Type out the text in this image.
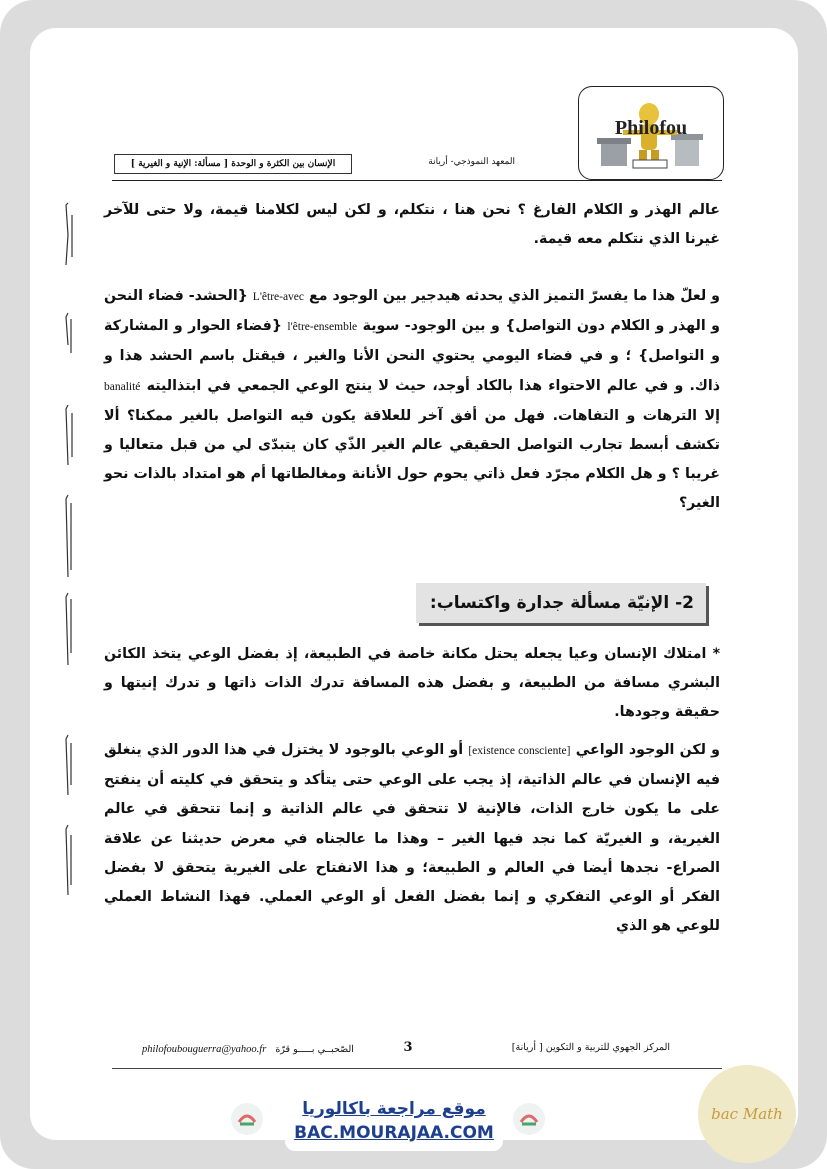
Philofou
الإنسان بين الكثرة و الوحدة [ مسألة: الإنية و الغيرية ]	المعهد النموذجي- أريانة

عالم الهذر و الكلام الفارغ ؟ نحن هنا ، نتكلم، و لكن ليس لكلامنا قيمة، ولا حتى للآخر غيرنا الذي نتكلم معه قيمة.

و لعلّ هذا ما يفسرّ التميز الذي يحدثه هيدجير بين الوجود مع L'être-avec {الحشد- فضاء النحن و الهذر و الكلام دون التواصل} و بين الوجود- سوية l'être-ensemble {فضاء الحوار و المشاركة و التواصل} ؛ و في فضاء اليومي يحتوي النحن الأنا والغير ، فيقتل باسم الحشد هذا و ذاك. و في عالم الاحتواء هذا بالكاد أوجد، حيث لا ينتج الوعي الجمعي في ابتذاليته banalité إلا الترهات و التفاهات. فهل من أفق آخر للعلاقة يكون فيه التواصل بالغير ممكنا؟ ألا تكشف أبسط تجارب التواصل الحقيقي عالم الغير الذّي كان يتبدّى لي من قبل متعاليا و غريبا ؟ و هل الكلام مجرّد فعل ذاتي يحوم حول الأنانة ومغالطاتها أم هو امتداد بالذات نحو الغير؟

2- الإنيّة مسألة جدارة واكتساب:

* امتلاك الإنسان وعيا يجعله يحتل مكانة خاصة في الطبيعة، إذ بفضل الوعي يتخذ الكائن البشري مسافة من الطبيعة، و بفضل هذه المسافة تدرك الذات ذاتها و تدرك إنيتها و حقيقة وجودها.

و لكن الوجود الواعي [existence consciente] أو الوعي بالوجود لا يختزل في هذا الدور الذي ينغلق فيه الإنسان في عالم الذاتية، إذ يجب على الوعي حتى يتأكد و يتحقق في كليته أن ينفتح على ما يكون خارج الذات، فالإنية لا تتحقق في عالم الذاتية و إنما تتحقق في عالم الغيرية، و الغيريّة كما نجد فيها الغير – وهذا ما عالجناه في معرض حديثنا عن علاقة الصراع- نجدها أيضا في العالم و الطبيعة؛ و هذا الانفتاح على الغيرية يتحقق لا بفضل الفكر أو الوعي التفكري و إنما بفضل الفعل أو الوعي العملي. فهذا النشاط العملي للوعي هو الذي

المركز الجهوي للتربية و التكوين [ أريانة]
3
philofoubouguerra@yahoo.fr الصّحبــي بـــــو قرّة
موقع مراجعة باكالوريا
BAC.MOURAJAA.COM
bac Math
